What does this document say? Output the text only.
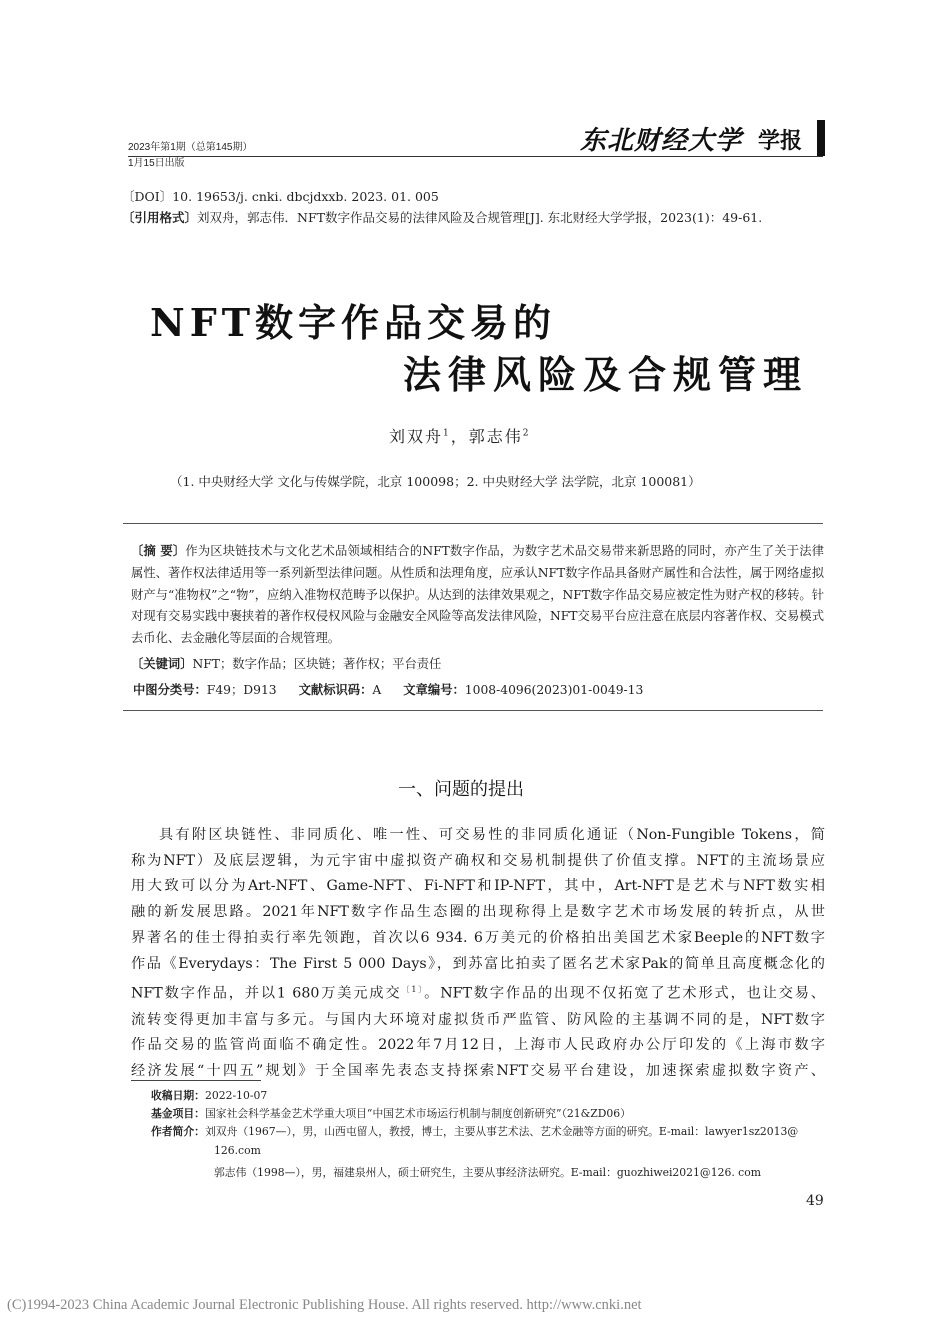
2023年第1期（总第145期）
1月15日出版
东北财经大学 学报
〔DOI〕10. 19653/j. cnki. dbcjdxxb. 2023. 01. 005
〔引用格式〕刘双舟，郭志伟．NFT数字作品交易的法律风险及合规管理[J]. 东北财经大学学报，2023(1)：49-61.
NFT数字作品交易的
法律风险及合规管理
刘双舟$^1$，郭志伟$^2$
（1. 中央财经大学 文化与传媒学院，北京 100098；2. 中央财经大学 法学院，北京 100081）
〔摘 要〕作为区块链技术与文化艺术品领域相结合的NFT数字作品，为数字艺术品交易带来新思路的同时，亦产生了关于法律属性、著作权法律适用等一系列新型法律问题。从性质和法理角度，应承认NFT数字作品具备财产属性和合法性，属于网络虚拟财产与“准物权”之“物”，应纳入准物权范畴予以保护。从达到的法律效果观之，NFT数字作品交易应被定性为财产权的移转。针对现有交易实践中裹挟着的著作权侵权风险与金融安全风险等高发法律风险，NFT交易平台应注意在底层内容著作权、交易模式去币化、去金融化等层面的合规管理。
〔关键词〕NFT；数字作品；区块链；著作权；平台责任
中图分类号：F49；D913 文献标识码：A 文章编号：1008-4096(2023)01-0049-13
一、问题的提出

具有附区块链性、非同质化、唯一性、可交易性的非同质化通证（Non-Fungible Tokens，简

称为NFT）及底层逻辑，为元宇宙中虚拟资产确权和交易机制提供了价值支撑。NFT的主流场景应

用大致可以分为Art-NFT、Game-NFT、Fi-NFT和IP-NFT，其中，Art-NFT是艺术与NFT数实相

融的新发展思路。2021年NFT数字作品生态圈的出现称得上是数字艺术市场发展的转折点，从世

界著名的佳士得拍卖行率先领跑，首次以6 934. 6万美元的价格拍出美国艺术家Beeple的NFT数字

作品《Everydays：The First 5 000 Days》，到苏富比拍卖了匿名艺术家Pak的简单且高度概念化的

NFT数字作品，并以1 680万美元成交$^{〔1〕}$。NFT数字作品的出现不仅拓宽了艺术形式，也让交易、

流转变得更加丰富与多元。与国内大环境对虚拟货币严监管、防风险的主基调不同的是，NFT数字

作品交易的监管尚面临不确定性。2022年7月12日，上海市人民政府办公厅印发的《上海市数字

经济发展“十四五”规划》于全国率先表态支持探索NFT交易平台建设，加速探索虚拟数字资产、

收稿日期：2022-10-07
基金项目：国家社会科学基金艺术学重大项目“中国艺术市场运行机制与制度创新研究”（21&ZD06）
作者简介：刘双舟（1967—），男，山西屯留人，教授，博士，主要从事艺术法、艺术金融等方面的研究。E-mail：lawyer1sz2013@
126.com
郭志伟（1998—），男，福建泉州人，硕士研究生，主要从事经济法研究。E-mail：guozhiwei2021@126. com
49
(C)1994-2023 China Academic Journal Electronic Publishing House. All rights reserved. http://www.cnki.net
